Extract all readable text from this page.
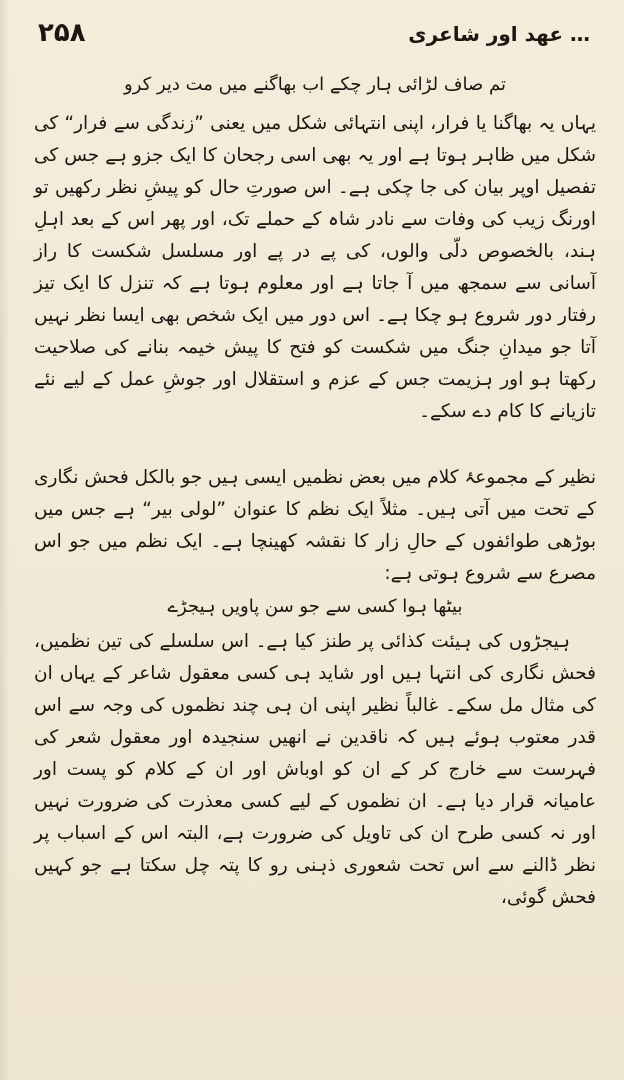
۲۵۸	… عهد اور شاعری

تم صاف لڑائی ہار چکے اب بھاگنے میں مت دیر کرو

یہاں یہ بھاگنا یا فرار، اپنی انتہائی شکل میں یعنی ”زندگی سے فرار“ کی شکل میں ظاہر ہوتا ہے اور یہ بھی اسی رجحان کا ایک جزو ہے جس کی تفصیل اوپر بیان کی جا چکی ہے۔ اس صورتِ حال کو پیشِ نظر رکھیں تو اورنگ زیب کی وفات سے نادر شاہ کے حملے تک، اور پھر اس کے بعد اہلِ ہند، بالخصوص دلّی والوں، کی پے در پے اور مسلسل شکست کا راز آسانی سے سمجھ میں آ جاتا ہے اور معلوم ہوتا ہے کہ تنزل کا ایک تیز رفتار دور شروع ہو چکا ہے۔ اس دور میں ایک شخص بھی ایسا نظر نہیں آتا جو میدانِ جنگ میں شکست کو فتح کا پیش خیمہ بنانے کی صلاحیت رکھتا ہو اور ہزیمت جس کے عزم و استقلال اور جوشِ عمل کے لیے نئے تازیانے کا کام دے سکے۔

نظیر کے مجموعۂ کلام میں بعض نظمیں ایسی ہیں جو بالکل فحش نگاری کے تحت میں آتی ہیں۔ مثلاً ایک نظم کا عنوان ”لولی بیر“ ہے جس میں بوڑھی طوائفوں کے حالِ زار کا نقشہ کھینچا ہے۔ ایک نظم میں جو اس مصرع سے شروع ہوتی ہے:

بیٹھا ہوا کسی سے جو سن پاویں ہیجڑے

ہیجڑوں کی ہیئت کذائی پر طنز کیا ہے۔ اس سلسلے کی تین نظمیں، فحش نگاری کی انتہا ہیں اور شاید ہی کسی معقول شاعر کے یہاں ان کی مثال مل سکے۔ غالباً نظیر اپنی ان ہی چند نظموں کی وجہ سے اس قدر معتوب ہوئے ہیں کہ ناقدین نے انھیں سنجیدہ اور معقول شعر کی فہرست سے خارج کر کے ان کو اوباش اور ان کے کلام کو پست اور عامیانہ قرار دیا ہے۔ ان نظموں کے لیے کسی معذرت کی ضرورت نہیں اور نہ کسی طرح ان کی تاویل کی ضرورت ہے، البتہ اس کے اسباب پر نظر ڈالنے سے اس تحت شعوری ذہنی رو کا پتہ چل سکتا ہے جو کہیں فحش گوئی،
